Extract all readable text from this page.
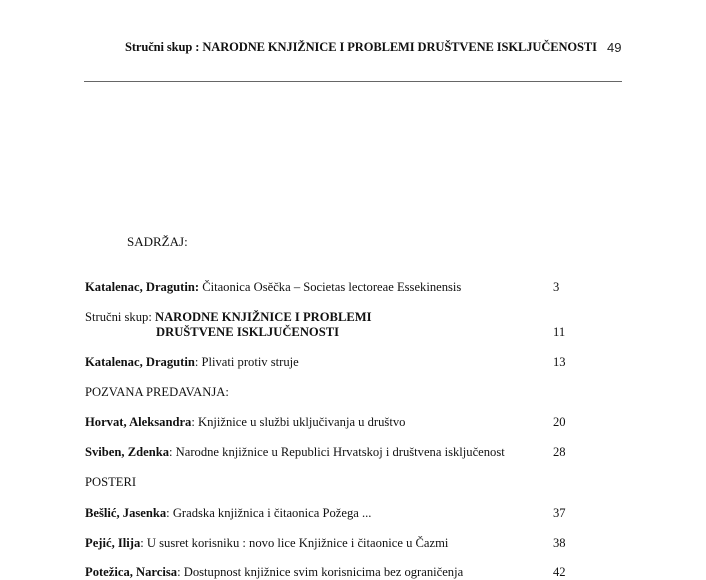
Stručni skup : NARODNE KNJIŽNICE I PROBLEMI DRUŠTVENE ISKLJUČENOSTI 49
SADRŽAJ:
Katalenac, Dragutin: Čitaonica Osěčka – Societas lectoreae Essekinensis	3
Stručni skup: NARODNE KNJIŽNICE I PROBLEMI
DRUŠTVENE ISKLJUČENOSTI	11
Katalenac, Dragutin: Plivati protiv struje	13
POZVANA PREDAVANJA:
Horvat, Aleksandra: Knjižnice u službi uključivanja u društvo	20
Sviben, Zdenka: Narodne knjižnice u Republici Hrvatskoj i društvena isključenost	28
POSTERI
Bešlić, Jasenka: Gradska knjižnica i čitaonica Požega ...	37
Pejić, Ilija: U susret korisniku : novo lice Knjižnice i čitaonice u Čazmi	38
Potežica, Narcisa: Dostupnost knjižnice svim korisnicima bez ograničenja	42
